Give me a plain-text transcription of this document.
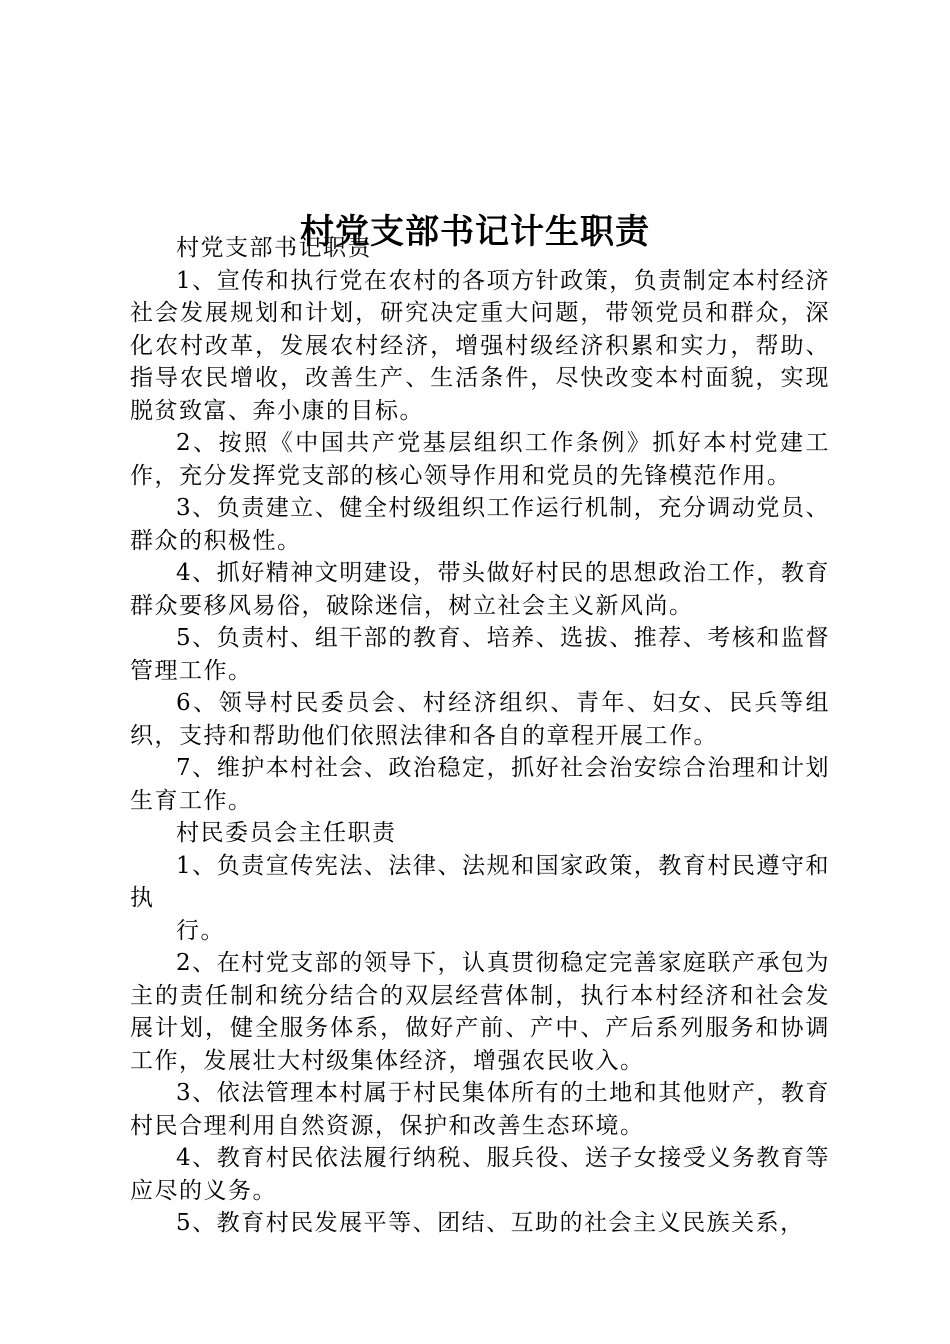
村党支部书记计生职责

村党支部书记职责

1、宣传和执行党在农村的各项方针政策，负责制定本村经济社会发展规划和计划，研究决定重大问题，带领党员和群众，深化农村改革，发展农村经济，增强村级经济积累和实力，帮助、指导农民增收，改善生产、生活条件，尽快改变本村面貌，实现脱贫致富、奔小康的目标。

2、按照《中国共产党基层组织工作条例》抓好本村党建工作，充分发挥党支部的核心领导作用和党员的先锋模范作用。

3、负责建立、健全村级组织工作运行机制，充分调动党员、群众的积极性。

4、抓好精神文明建设，带头做好村民的思想政治工作，教育群众要移风易俗，破除迷信，树立社会主义新风尚。

5、负责村、组干部的教育、培养、选拔、推荐、考核和监督管理工作。

6、领导村民委员会、村经济组织、青年、妇女、民兵等组织，支持和帮助他们依照法律和各自的章程开展工作。

7、维护本村社会、政治稳定，抓好社会治安综合治理和计划生育工作。

村民委员会主任职责

1、负责宣传宪法、法律、法规和国家政策，教育村民遵守和执

行。

2、在村党支部的领导下，认真贯彻稳定完善家庭联产承包为主的责任制和统分结合的双层经营体制，执行本村经济和社会发展计划，健全服务体系，做好产前、产中、产后系列服务和协调工作，发展壮大村级集体经济，增强农民收入。

3、依法管理本村属于村民集体所有的土地和其他财产，教育村民合理利用自然资源，保护和改善生态环境。

4、教育村民依法履行纳税、服兵役、送子女接受义务教育等应尽的义务。

5、教育村民发展平等、团结、互助的社会主义民族关系，
